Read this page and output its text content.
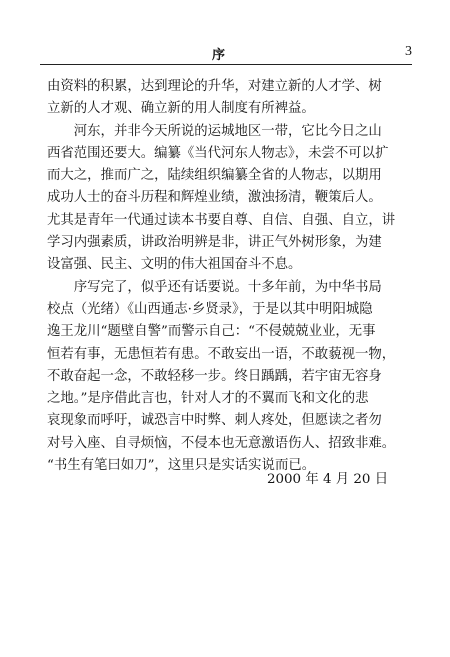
序	3
由资料的积累，达到理论的升华，对建立新的人才学、树
立新的人才观、确立新的用人制度有所裨益。
　　河东，并非今天所说的运城地区一带，它比今日之山
西省范围还要大。编纂《当代河东人物志》，未尝不可以扩
而大之，推而广之，陆续组织编纂全省的人物志，以期用
成功人士的奋斗历程和辉煌业绩，激浊扬清，鞭策后人。
尤其是青年一代通过读本书要自尊、自信、自强、自立，讲
学习内强素质，讲政治明辨是非，讲正气外树形象，为建
设富强、民主、文明的伟大祖国奋斗不息。
　　序写完了，似乎还有话要说。十多年前，为中华书局
校点（光绪）《山西通志·乡贤录》，于是以其中明阳城隐
逸王龙川“题壁自警”而警示自己：“不侵兢兢业业，无事
恒若有事，无患恒若有患。不敢妄出一语，不敢藐视一物，
不敢奋起一念，不敢轻移一步。终日踽踽，若宇宙无容身
之地。”是序借此言也，针对人才的不翼而飞和文化的悲
哀现象而呼吁，诚恐言中时弊、刺人疼处，但愿读之者勿
对号入座、自寻烦恼，不侵本也无意激语伤人、招致非难。
“书生有笔曰如刀”，这里只是实话实说而已。
2000 年 4 月 20 日
